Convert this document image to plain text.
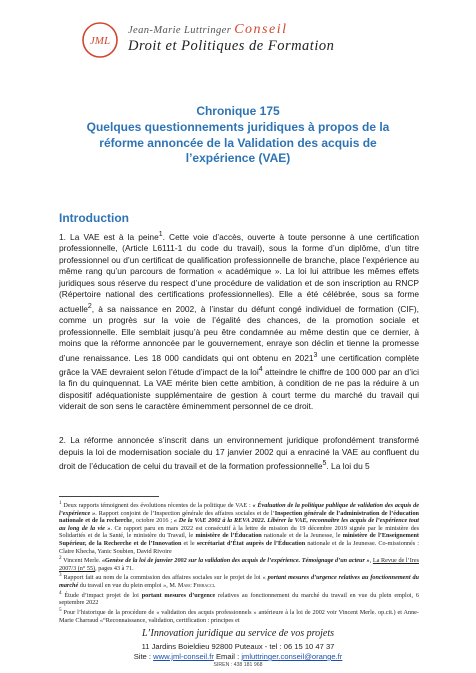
JML
Jean-Marie Luttringer Conseil
Droit et Politiques de Formation
Chronique 175
Quelques questionnements juridiques à propos de la
réforme annoncée de la Validation des acquis de
l’expérience (VAE)
Introduction
1. La VAE est à la peine$^1$. Cette voie d’accès, ouverte à toute personne à une certification professionnelle, (Article L6111-1 du code du travail), sous la forme d’un diplôme, d’un titre professionnel ou d’un certificat de qualification professionnelle de branche, place l’expérience au même rang qu’un parcours de formation « académique ». La loi lui attribue les mêmes effets juridiques sous réserve du respect d’une procédure de validation et de son inscription au RNCP (Répertoire national des certifications professionnelles). Elle a été célébrée, sous sa forme actuelle$^2$, à sa naissance en 2002, à l’instar du défunt congé individuel de formation (CIF), comme un progrès sur la voie de l’égalité des chances, de la promotion sociale et professionnelle. Elle semblait jusqu’à peu être condamnée au même destin que ce dernier, à moins que la réforme annoncée par le gouvernement, enraye son déclin et tienne la promesse d’une renaissance. Les 18 000 candidats qui ont obtenu en 2021$^3$ une certification complète grâce la VAE devraient selon l’étude d’impact de la loi$^4$ atteindre le chiffre de 100 000 par an d’ici la fin du quinquennat. La VAE mérite bien cette ambition, à condition de ne pas la réduire à un dispositif adéquationiste supplémentaire de gestion à court terme du marché du travail qui viderait de son sens le caractère éminemment personnel de ce droit.
2. La réforme annoncée s’inscrit dans un environnement juridique profondément transformé depuis la loi de modernisation sociale du 17 janvier 2002 qui a enraciné la VAE au confluent du droit de l’éducation de celui du travail et de la formation professionnelle$^5$. La loi du 5
$^1$ Deux rapports témoignent des évolutions récentes de la politique de VAE : « Évaluation de la politique publique de validation des acquis de l’expérience ». Rapport conjoint de l’Inspection générale des affaires sociales et de l’Inspection générale de l’administration de l’éducation nationale et de la recherche, octobre 2016 ; « De la VAE 2002 à la REVA 2022. Libérer la VAE, reconnaître les acquis de l’expérience tout au long de la vie ». Ce rapport paru en mars 2022 est consécutif à la lettre de mission du 19 décembre 2019 signée par le ministère des Solidarités et de la Santé, le ministère du Travail, le ministère de l’Éducation nationale et de la Jeunesse, le ministère de l’Enseignement Supérieur, de la Recherche et de l’Innovation et le secrétariat d’État auprès de l’Éducation nationale et de la Jeunesse. Co-missionnés : Claire Khecha, Yanic Soubien, David Rivoire
$^2$ Vincent Merle. «Genèse de la loi de janvier 2002 sur la validation des acquis de l’expérience. Témoignage d’un acteur », La Revue de l’Ires 2007/3 (n° 55), pages 43 à 71.
$^3$ Rapport fait au nom de la commission des affaires sociales sur le projet de loi « portant mesures d’urgence relatives au fonctionnement du marché du travail en vue du plein emploi », M. Marc Ferracci.
$^4$ Étude d’impact projet de loi portant mesures d’urgence relatives au fonctionnement du marché du travail en vue du plein emploi, 6 septembre 2022
$^5$ Pour l’historique de la procédure de « validation des acquis professionnels » antérieure à la loi de 2002 voir Vincent Merle. op.cit.) et Anne-Marie Charraud «“Reconnaissance, validation, certification : principes et
L’Innovation juridique au service de vos projets
11 Jardins Boieldieu 92800 Puteaux - tel : 06 15 10 47 37
Site : www.jml-conseil.fr Email : jmluttringer.conseil@orange.fr
SIREN : 438 181 968
